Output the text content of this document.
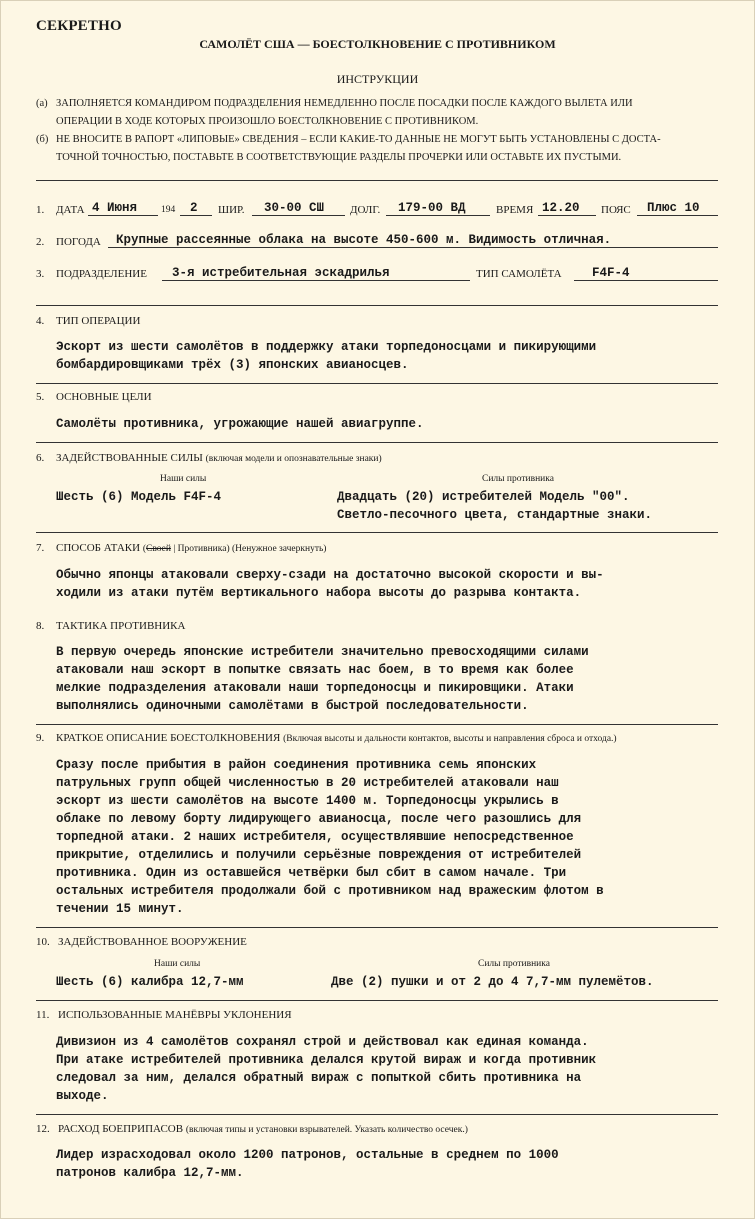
СЕКРЕТНО
САМОЛЁТ США — БОЕСТОЛКНОВЕНИЕ С ПРОТИВНИКОМ
ИНСТРУКЦИИ
(а) ЗАПОЛНЯЕТСЯ КОМАНДИРОМ ПОДРАЗДЕЛЕНИЯ НЕМЕДЛЕННО ПОСЛЕ ПОСАДКИ ПОСЛЕ КАЖДОГО ВЫЛЕТА ИЛИ
ОПЕРАЦИИ В ХОДЕ КОТОРЫХ ПРОИЗОШЛО БОЕСТОЛКНОВЕНИЕ С ПРОТИВНИКОМ.
(б) НЕ ВНОСИТЕ В РАПОРТ «ЛИПОВЫЕ» СВЕДЕНИЯ – ЕСЛИ КАКИЕ-ТО ДАННЫЕ НЕ МОГУТ БЫТЬ УСТАНОВЛЕНЫ С ДОСТА-
ТОЧНОЙ ТОЧНОСТЬЮ, ПОСТАВЬТЕ В СООТВЕТСТВУЮЩИЕ РАЗДЕЛЫ ПРОЧЕРКИ ИЛИ ОСТАВЬТЕ ИХ ПУСТЫМИ.
1. ДАТА 4 Июня	194 2 ШИР. 30-00 СШ ДОЛГ. 179-00 ВД	ВРЕМЯ 12.20 ПОЯС Плюс 10
2. ПОГОДА Крупные рассеянные облака на высоте 450-600 м. Видимость отличная.
3. ПОДРАЗДЕЛЕНИЕ 3-я истребительная эскадрилья	ТИП САМОЛЁТА F4F-4
4. ТИП ОПЕРАЦИИ
Эскорт из шести самолётов в поддержку атаки торпедоносцами и пикирующими
бомбардировщиками трёх (3) японских авианосцев.
5. ОСНОВНЫЕ ЦЕЛИ
Самолёты противника, угрожающие нашей авиагруппе.
6. ЗАДЕЙСТВОВАННЫЕ СИЛЫ (включая модели и опознавательные знаки)
Наши силы	Силы противника
Шесть (6) Модель F4F-4	Двадцать (20) истребителей Модель "00".
Светло-песочного цвета, стандартные знаки.
7. СПОСОБ АТАКИ (Своей | Противника) (Ненужное зачеркнуть)
Обычно японцы атаковали сверху-сзади на достаточно высокой скорости и вы-
ходили из атаки путём вертикального набора высоты до разрыва контакта.
8. ТАКТИКА ПРОТИВНИКА
В первую очередь японские истребители значительно превосходящими силами
атаковали наш эскорт в попытке связать нас боем, в то время как более
мелкие подразделения атаковали наши торпедоносцы и пикировщики. Атаки
выполнялись одиночными самолётами в быстрой последовательности.
9. КРАТКОЕ ОПИСАНИЕ БОЕСТОЛКНОВЕНИЯ (Включая высоты и дальности контактов, высоты и направления сброса и отхода.)
Сразу после прибытия в район соединения противника семь японских
патрульных групп общей численностью в 20 истребителей атаковали наш
эскорт из шести самолётов на высоте 1400 м. Торпедоносцы укрылись в
облаке по левому борту лидирующего авианосца, после чего разошлись для
торпедной атаки. 2 наших истребителя, осуществлявшие непосредственное
прикрытие, отделились и получили серьёзные повреждения от истребителей
противника. Один из оставшейся четвёрки был сбит в самом начале. Три
остальных истребителя продолжали бой с противником над вражеским флотом в
течении 15 минут.
10. ЗАДЕЙСТВОВАННОЕ ВООРУЖЕНИЕ
Наши силы	Силы противника
Шесть (6) калибра 12,7-мм	Две (2) пушки и от 2 до 4 7,7-мм пулемётов.
11. ИСПОЛЬЗОВАННЫЕ МАНЁВРЫ УКЛОНЕНИЯ
Дивизион из 4 самолётов сохранял строй и действовал как единая команда.
При атаке истребителей противника делался крутой вираж и когда противник
следовал за ним, делался обратный вираж с попыткой сбить противника на
выходе.
12. РАСХОД БОЕПРИПАСОВ (включая типы и установки взрывателей. Указать количество осечек.)
Лидер израсходовал около 1200 патронов, остальные в среднем по 1000
патронов калибра 12,7-мм.
